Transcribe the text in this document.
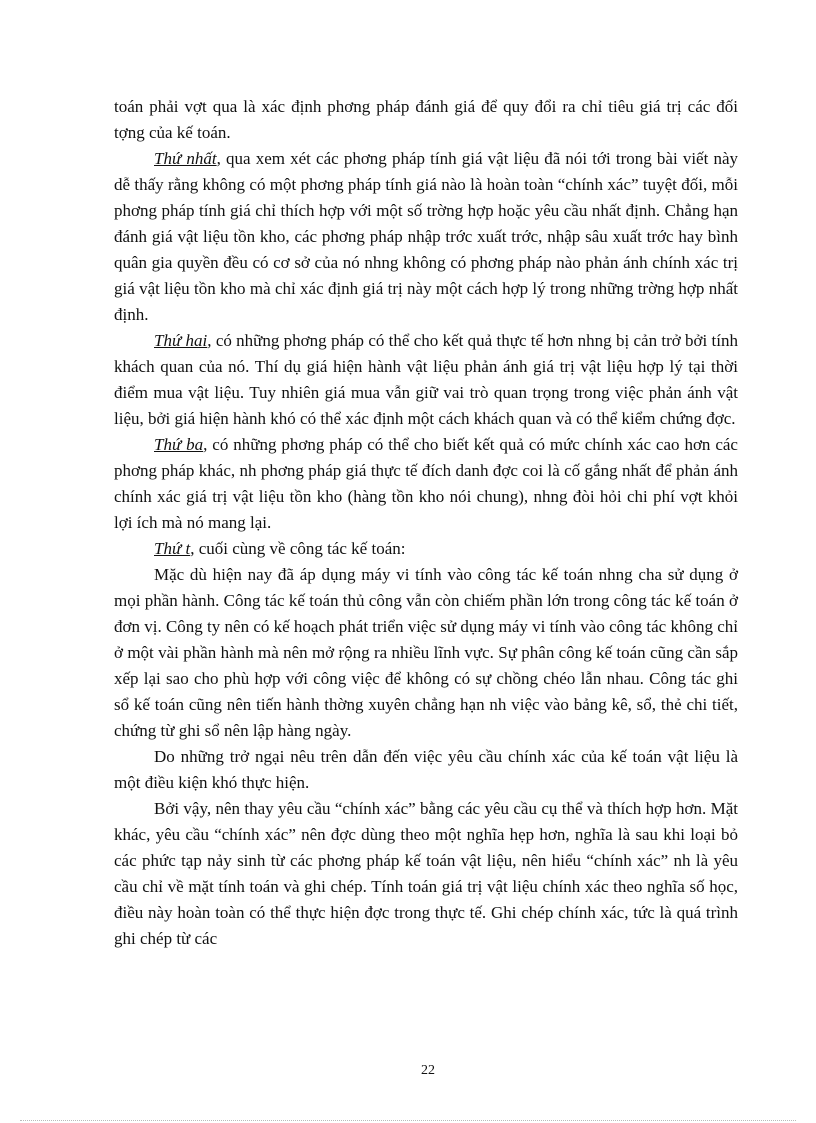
toán phải vợt qua là xác định phơng pháp đánh giá để quy đổi ra chỉ tiêu giá trị các đối tợng của kế toán.

Thứ nhất, qua xem xét các phơng pháp tính giá vật liệu đã nói tới trong bài viết này dễ thấy rằng không có một phơng pháp tính giá nào là hoàn toàn “chính xác” tuyệt đối, mỗi phơng pháp tính giá chỉ thích hợp với một số trờng hợp hoặc yêu cầu nhất định. Chẳng hạn đánh giá vật liệu tồn kho, các phơng pháp nhập trớc xuất trớc, nhập sâu xuất trớc hay bình quân gia quyền đều có cơ sở của nó nhng không có phơng pháp nào phản ánh chính xác trị giá vật liệu tồn kho mà chỉ xác định giá trị này một cách hợp lý trong những trờng hợp nhất định.

Thứ hai, có những phơng pháp có thể cho kết quả thực tế hơn nhng bị cản trở bởi tính khách quan của nó. Thí dụ giá hiện hành vật liệu phản ánh giá trị vật liệu hợp lý tại thời điểm mua vật liệu. Tuy nhiên giá mua vẫn giữ vai trò quan trọng trong việc phản ánh vật liệu, bởi giá hiện hành khó có thể xác định một cách khách quan và có thể kiểm chứng đợc.

Thứ ba, có những phơng pháp có thể cho biết kết quả có mức chính xác cao hơn các phơng pháp khác, nh phơng pháp giá thực tế đích danh đợc coi là cố gắng nhất để phản ánh chính xác giá trị vật liệu tồn kho (hàng tồn kho nói chung), nhng đòi hỏi chi phí vợt khỏi lợi ích mà nó mang lại.

Thứ t, cuối cùng về công tác kế toán:

Mặc dù hiện nay đã áp dụng máy vi tính vào công tác kế toán nhng cha sử dụng ở mọi phần hành. Công tác kế toán thủ công vẫn còn chiếm phần lớn trong công tác kế toán ở đơn vị. Công ty nên có kế hoạch phát triển việc sử dụng máy vi tính vào công tác không chỉ ở một vài phần hành mà nên mở rộng ra nhiều lĩnh vực. Sự phân công kế toán cũng cần sắp xếp lại sao cho phù hợp với công việc để không có sự chồng chéo lẫn nhau. Công tác ghi sổ kế toán cũng nên tiến hành thờng xuyên chẳng hạn nh việc vào bảng kê, sổ, thẻ chi tiết, chứng từ ghi sổ nên lập hàng ngày.

Do những trở ngại nêu trên dẫn đến việc yêu cầu chính xác của kế toán vật liệu là một điều kiện khó thực hiện.

Bởi vậy, nên thay yêu cầu “chính xác” bằng các yêu cầu cụ thể và thích hợp hơn. Mặt khác, yêu cầu “chính xác” nên đợc dùng theo một nghĩa hẹp hơn, nghĩa là sau khi loại bỏ các phức tạp nảy sinh từ các phơng pháp kế toán vật liệu, nên hiểu “chính xác” nh là yêu cầu chỉ về mặt tính toán và ghi chép. Tính toán giá trị vật liệu chính xác theo nghĩa số học, điều này hoàn toàn có thể thực hiện đợc trong thực tế. Ghi chép chính xác, tức là quá trình ghi chép từ các

22
